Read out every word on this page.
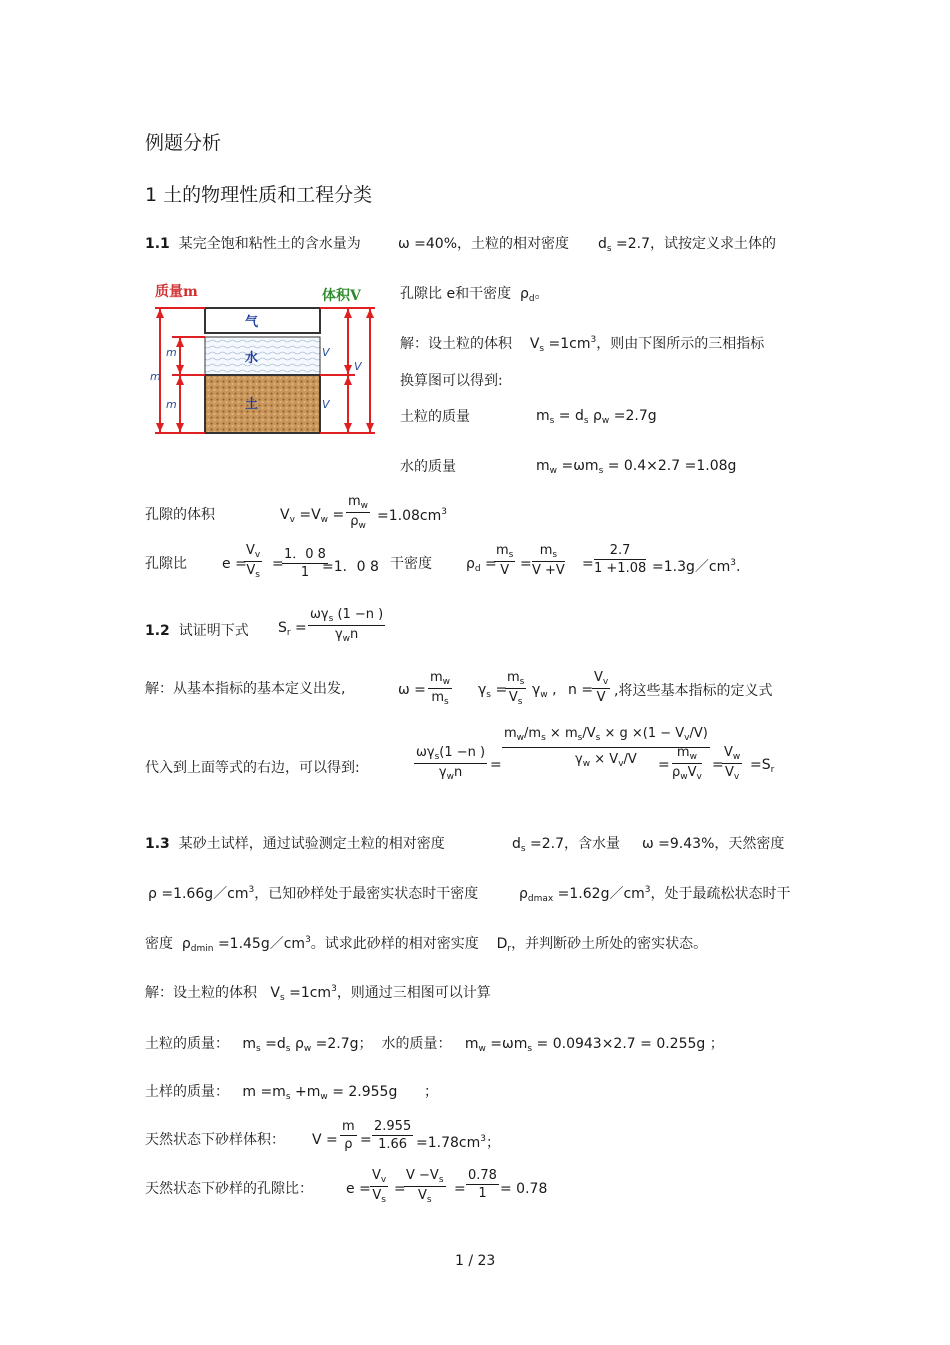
例题分析
1 土的物理性质和工程分类
1.1 某完全饱和粘性土的含水量为	ω =40%，土粒的相对密度 $d_s =2.7$，试按定义求土体的
质量m	体积V
气
水
土
m
m
m
V
V
V
孔隙比 e和干密度 $\rho_d$。
解：设土粒的体积 $V_s =1cm^3$，则由下图所示的三相指标
换算图可以得到:
土粒的质量	$m_s = d_s$ $\rho_w =2.7g$
水的质量	$m_w =\omega m_s = 0.4\times 2.7 =1.08g$
孔隙的体积	$V_v =V_w = \frac{m_w}{\rho_w} =1.08cm^3$
孔隙比	e =
$\frac{V_v}{V_s}$ =
$\frac{1.0 8}{1}$
=1．0 8 干密度 $\rho_d$ =
$\frac{m_s}{V} = \frac{m_s}{V +V} = \frac{2.7}{1 +1.08}$ $=1.3g/cm^3$.
1.2 试证明下式 $S_r$ =
$\omega\gamma_s$ (1 −n )
$\gamma_wn$
解：从基本指标的基本定义出发,	$\omega = \frac{m_w}{m_s} \gamma_s$ =
$\frac{m_s}{V_s} \gamma_w$ , n =
$\frac{V_v}{V}$ ,将这些基本指标的定义式
代入到上面等式的右边，可以得到:
$\omega\gamma_s(1 -n$ )
$\gamma_wn$	= $\frac{m_w/m_s \times m_s/V_s \times g \times(1 - V_v/V)}{\gamma_w \times V_v/V}$
=
$m_w$
$\rho_wV_v$
=
$\frac{V_w}{V_v} =S_r$
1.3 某砂土试样，通过试验测定土粒的相对密度	$d_s =2.7$，含水量 ω =9.43%，天然密度
$\rho =1.66g/cm^3$，已知砂样处于最密实状态时干密度	$\rho_{dmax}$ $=1.62g/cm^3$，处于最疏松状态时干
密度 $\rho_{dmin}$ $=1.45g/cm^3$。试求此砂样的相对密实度 $D_r$，并判断砂土所处的密实状态。
解：设土粒的体积 $V_s =1cm^3$，则通过三相图可以计算
土粒的质量： $m_s =d_s$ $\rho_w =2.7g$； 水的质量： $m_w =\omega m_s = 0.0943\times 2.7 = 0.255g$ ；
土样的质量： $m =m_s +m_w = 2.955g$ ；
天然状态下砂样体积： $V = \frac{m}{\rho} = \frac{2.955}{1.66} =1.78cm^3$；
天然状态下砂样的孔隙比： $e = \frac{V_v}{V_s}$ =
$\frac{V -V_s}{V_s} = \frac{0.78}{1} = 0.78$
1 / 23
